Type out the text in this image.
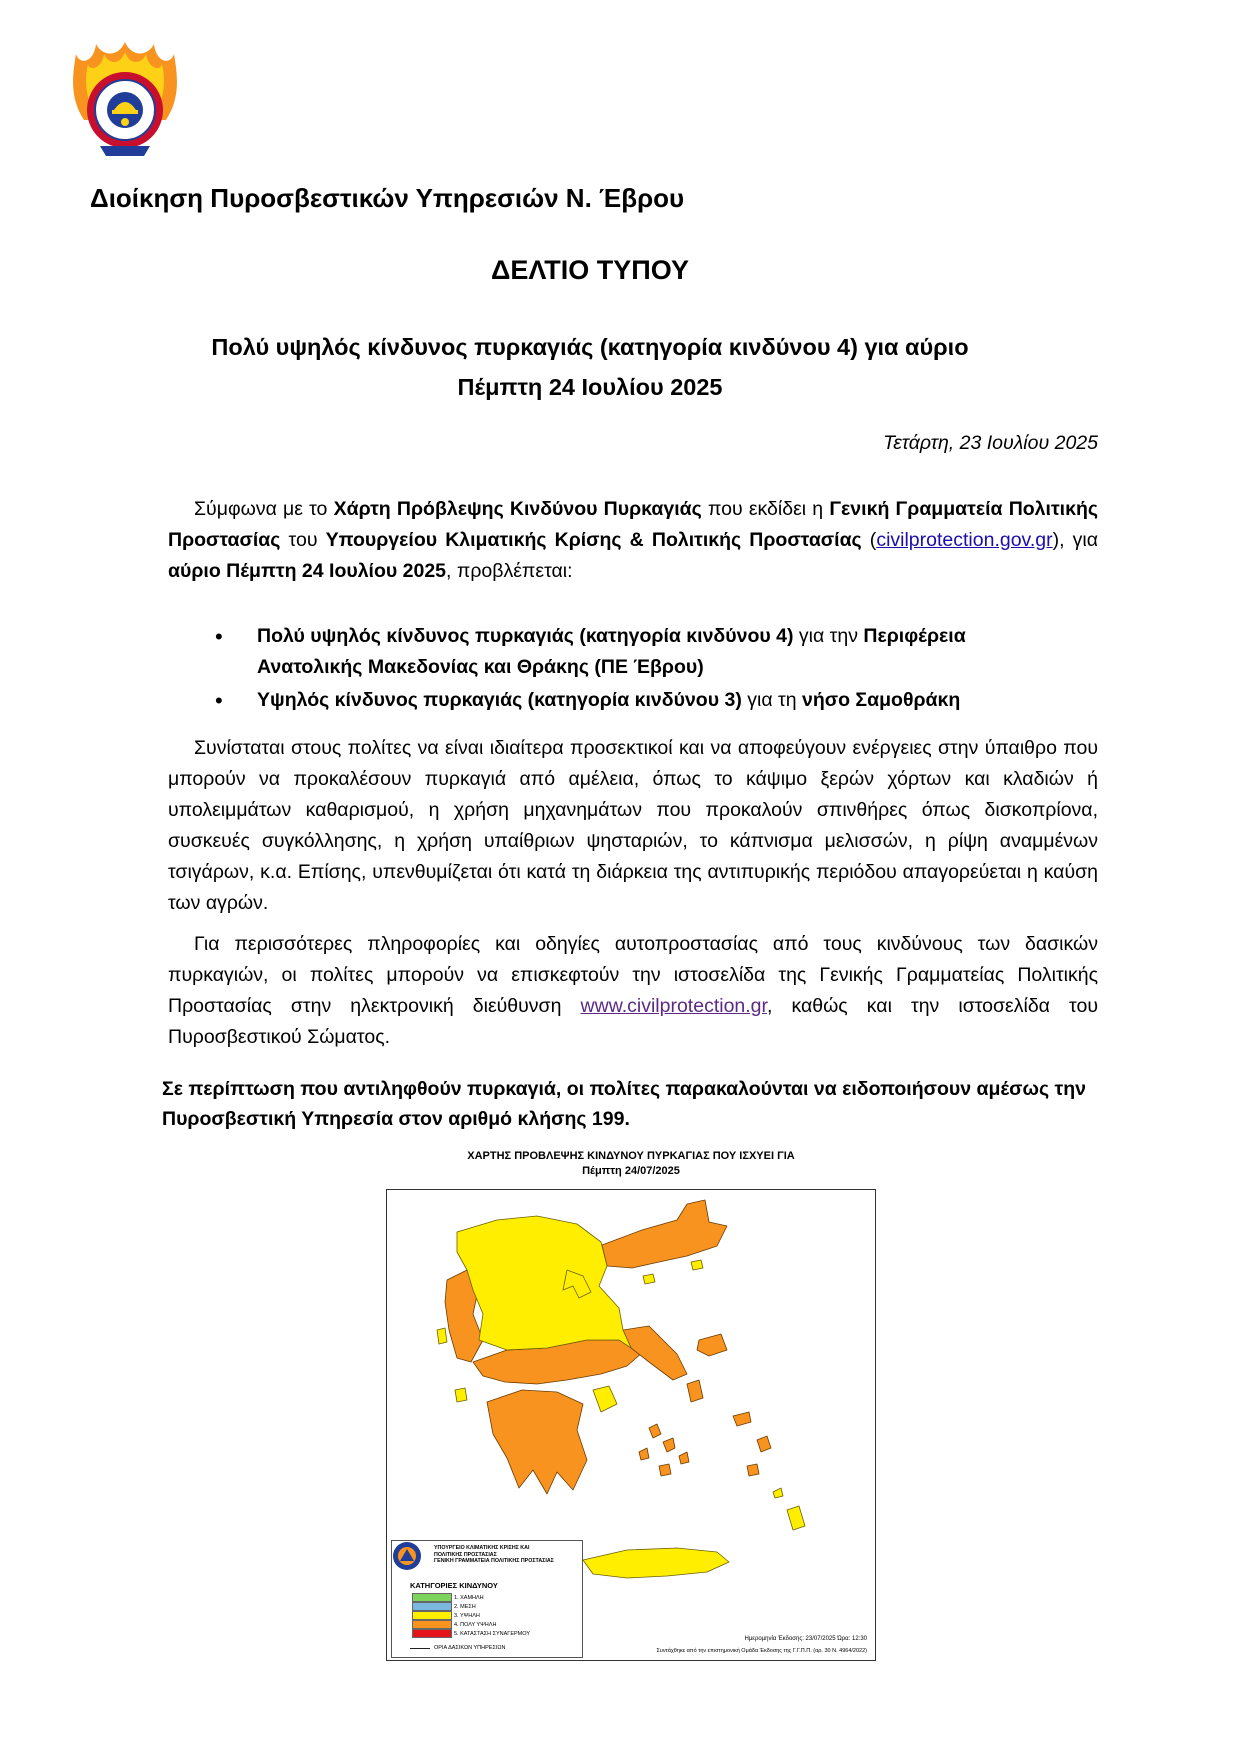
Διοίκηση Πυροσβεστικών Υπηρεσιών Ν. Έβρου
ΔΕΛΤΙΟ ΤΥΠΟΥ
Πολύ υψηλός κίνδυνος πυρκαγιάς (κατηγορία κινδύνου 4) για αύριο
Πέμπτη 24 Ιουλίου 2025
Τετάρτη, 23 Ιουλίου 2025
Σύμφωνα με το Χάρτη Πρόβλεψης Κινδύνου Πυρκαγιάς που εκδίδει η Γενική Γραμματεία Πολιτικής Προστασίας του Υπουργείου Κλιματικής Κρίσης & Πολιτικής Προστασίας (civilprotection.gov.gr), για αύριο Πέμπτη 24 Ιουλίου 2025, προβλέπεται:
• Πολύ υψηλός κίνδυνος πυρκαγιάς (κατηγορία κινδύνου 4) για την Περιφέρεια Ανατολικής Μακεδονίας και Θράκης (ΠΕ Έβρου)
• Υψηλός κίνδυνος πυρκαγιάς (κατηγορία κινδύνου 3) για τη νήσο Σαμοθράκη
Συνίσταται στους πολίτες να είναι ιδιαίτερα προσεκτικοί και να αποφεύγουν ενέργειες στην ύπαιθρο που μπορούν να προκαλέσουν πυρκαγιά από αμέλεια, όπως το κάψιμο ξερών χόρτων και κλαδιών ή υπολειμμάτων καθαρισμού, η χρήση μηχανημάτων που προκαλούν σπινθήρες όπως δισκοπρίονα, συσκευές συγκόλλησης, η χρήση υπαίθριων ψησταριών, το κάπνισμα μελισσών, η ρίψη αναμμένων τσιγάρων, κ.α. Επίσης, υπενθυμίζεται ότι κατά τη διάρκεια της αντιπυρικής περιόδου απαγορεύεται η καύση των αγρών.
Για περισσότερες πληροφορίες και οδηγίες αυτοπροστασίας από τους κινδύνους των δασικών πυρκαγιών, οι πολίτες μπορούν να επισκεφτούν την ιστοσελίδα της Γενικής Γραμματείας Πολιτικής Προστασίας στην ηλεκτρονική διεύθυνση www.civilprotection.gr, καθώς και την ιστοσελίδα του Πυροσβεστικού Σώματος.
Σε περίπτωση που αντιληφθούν πυρκαγιά, οι πολίτες παρακαλούνται να ειδοποιήσουν αμέσως την Πυροσβεστική Υπηρεσία στον αριθμό κλήσης 199.
ΧΑΡΤΗΣ ΠΡΟΒΛΕΨΗΣ ΚΙΝΔΥΝΟΥ ΠΥΡΚΑΓΙΑΣ ΠΟΥ ΙΣΧΥΕΙ ΓΙΑ
Πέμπτη 24/07/2025
ΥΠΟΥΡΓΕΙΟ ΚΛΙΜΑΤΙΚΗΣ ΚΡΙΣΗΣ ΚΑΙ
ΠΟΛΙΤΙΚΗΣ ΠΡΟΣΤΑΣΙΑΣ
ΓΕΝΙΚΗ ΓΡΑΜΜΑΤΕΙΑ ΠΟΛΙΤΙΚΗΣ ΠΡΟΣΤΑΣΙΑΣ
ΚΑΤΗΓΟΡΙΕΣ ΚΙΝΔΥΝΟΥ
1. ΧΑΜΗΛΗ
2. ΜΕΣΗ
3. ΥΨΗΛΗ
4. ΠΟΛΥ ΥΨΗΛΗ
5. ΚΑΤΑΣΤΑΣΗ ΣΥΝΑΓΕΡΜΟΥ
ΟΡΙΑ ΔΑΣΙΚΩΝ ΥΠΗΡΕΣΙΩΝ
Ημερομηνία Έκδοσης: 23/07/2025 Ώρα: 12:30
Συντάχθηκε από την επιστημονική Ομάδα Έκδοσης της Γ.Γ.Π.Π. (αρ. 30 Ν. 4964/2022)
